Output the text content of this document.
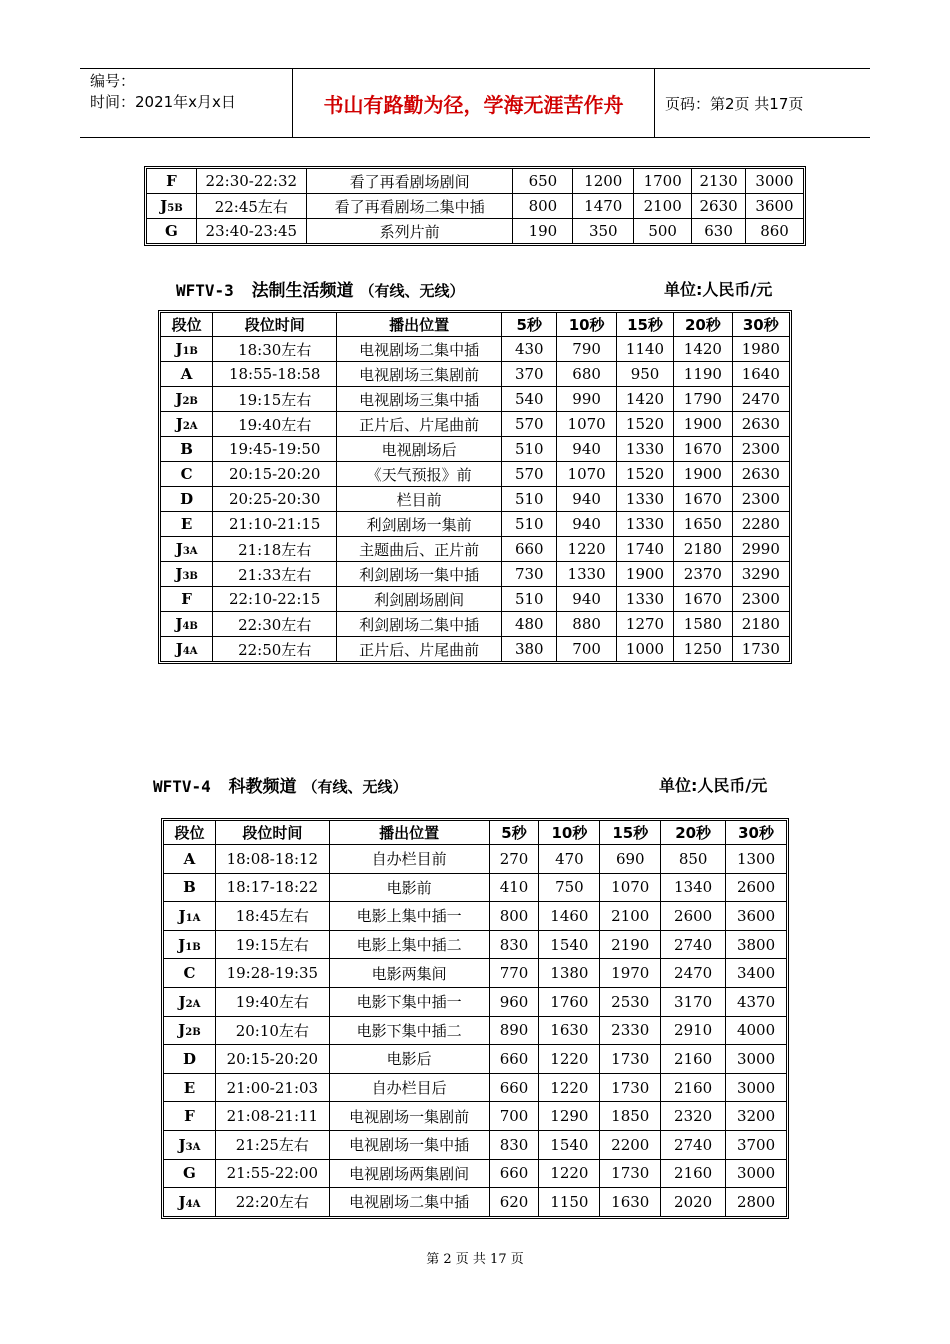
编号：
时间：2021年x月x日	书山有路勤为径，学海无涯苦作舟	页码：第2页 共17页
F	22:30-22:32	看了再看剧场剧间	650	1200	1700	2130	3000
J5B	22:45左右	看了再看剧场二集中插	800	1470	2100	2630	3600
G	23:40-23:45	系列片前	190	350	500	630	860
WFTV-3 法制生活频道 （有线、无线）	单位:人民币/元
段位	段位时间	播出位置	5秒	10秒	15秒	20秒	30秒
J1B	18:30左右	电视剧场二集中插	430	790	1140	1420	1980
A	18:55-18:58	电视剧场三集剧前	370	680	950	1190	1640
J2B	19:15左右	电视剧场三集中插	540	990	1420	1790	2470
J2A	19:40左右	正片后、片尾曲前	570	1070	1520	1900	2630
B	19:45-19:50	电视剧场后	510	940	1330	1670	2300
C	20:15-20:20	《天气预报》前	570	1070	1520	1900	2630
D	20:25-20:30	栏目前	510	940	1330	1670	2300
E	21:10-21:15	利剑剧场一集前	510	940	1330	1650	2280
J3A	21:18左右	主题曲后、正片前	660	1220	1740	2180	2990
J3B	21:33左右	利剑剧场一集中插	730	1330	1900	2370	3290
F	22:10-22:15	利剑剧场剧间	510	940	1330	1670	2300
J4B	22:30左右	利剑剧场二集中插	480	880	1270	1580	2180
J4A	22:50左右	正片后、片尾曲前	380	700	1000	1250	1730
WFTV-4 科教频道 （有线、无线）	单位:人民币/元
段位	段位时间	播出位置	5秒	10秒	15秒	20秒	30秒
A	18:08-18:12	自办栏目前	270	470	690	850	1300
B	18:17-18:22	电影前	410	750	1070	1340	2600
J1A	18:45左右	电影上集中插一	800	1460	2100	2600	3600
J1B	19:15左右	电影上集中插二	830	1540	2190	2740	3800
C	19:28-19:35	电影两集间	770	1380	1970	2470	3400
J2A	19:40左右	电影下集中插一	960	1760	2530	3170	4370
J2B	20:10左右	电影下集中插二	890	1630	2330	2910	4000
D	20:15-20:20	电影后	660	1220	1730	2160	3000
E	21:00-21:03	自办栏目后	660	1220	1730	2160	3000
F	21:08-21:11	电视剧场一集剧前	700	1290	1850	2320	3200
J3A	21:25左右	电视剧场一集中插	830	1540	2200	2740	3700
G	21:55-22:00	电视剧场两集剧间	660	1220	1730	2160	3000
J4A	22:20左右	电视剧场二集中插	620	1150	1630	2020	2800
第 2 页 共 17 页
